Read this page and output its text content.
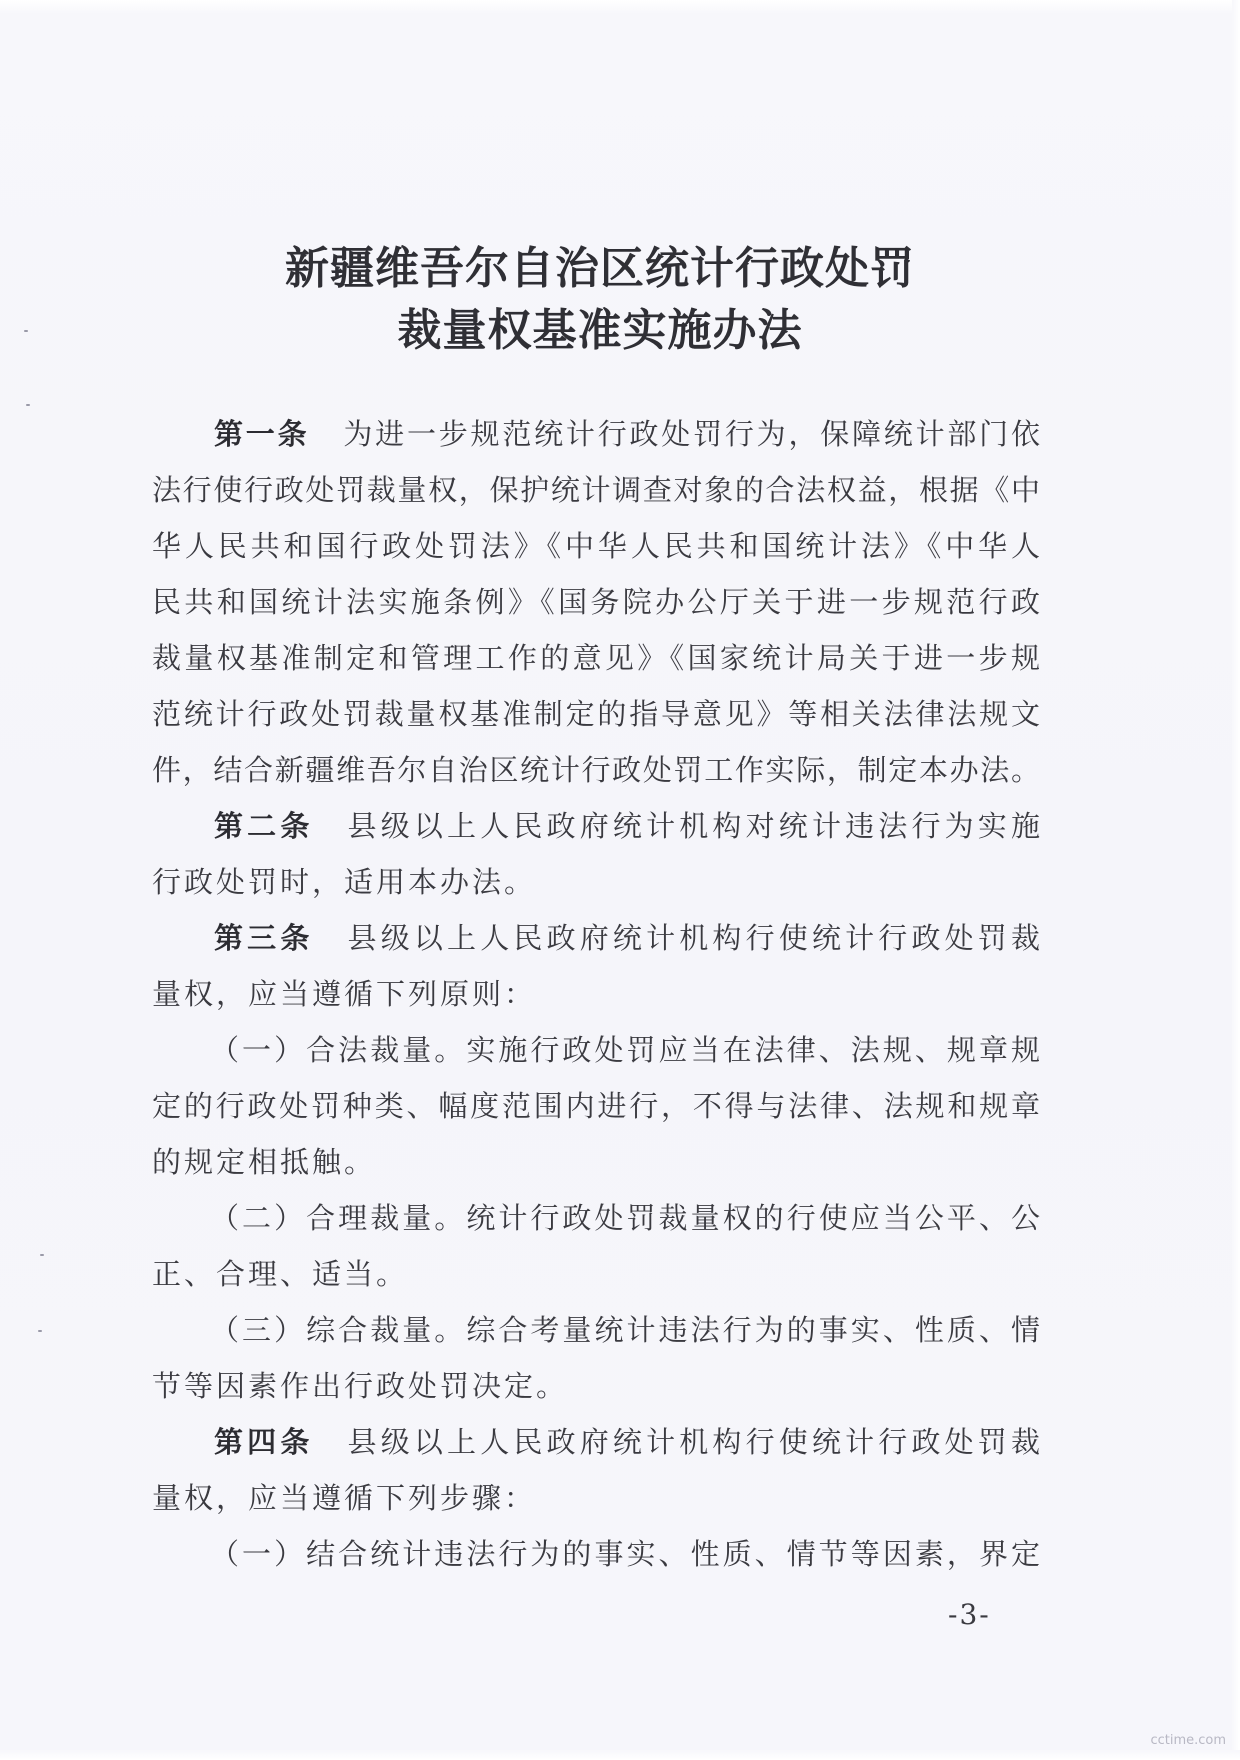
新疆维吾尔自治区统计行政处罚
裁量权基准实施办法
第一条 为进一步规范统计行政处罚行为，保障统计部门依
法行使行政处罚裁量权，保护统计调查对象的合法权益，根据《中
华人民共和国行政处罚法》《中华人民共和国统计法》《中华人
民共和国统计法实施条例》《国务院办公厅关于进一步规范行政
裁量权基准制定和管理工作的意见》《国家统计局关于进一步规
范统计行政处罚裁量权基准制定的指导意见》等相关法律法规文
件，结合新疆维吾尔自治区统计行政处罚工作实际，制定本办法。
第二条 县级以上人民政府统计机构对统计违法行为实施
行政处罚时，适用本办法。
第三条 县级以上人民政府统计机构行使统计行政处罚裁
量权，应当遵循下列原则：
（一）合法裁量。实施行政处罚应当在法律、法规、规章规
定的行政处罚种类、幅度范围内进行，不得与法律、法规和规章
的规定相抵触。
（二）合理裁量。统计行政处罚裁量权的行使应当公平、公
正、合理、适当。
（三）综合裁量。综合考量统计违法行为的事实、性质、情
节等因素作出行政处罚决定。
第四条 县级以上人民政府统计机构行使统计行政处罚裁
量权，应当遵循下列步骤：
（一）结合统计违法行为的事实、性质、情节等因素，界定
-3-
cctime.com
